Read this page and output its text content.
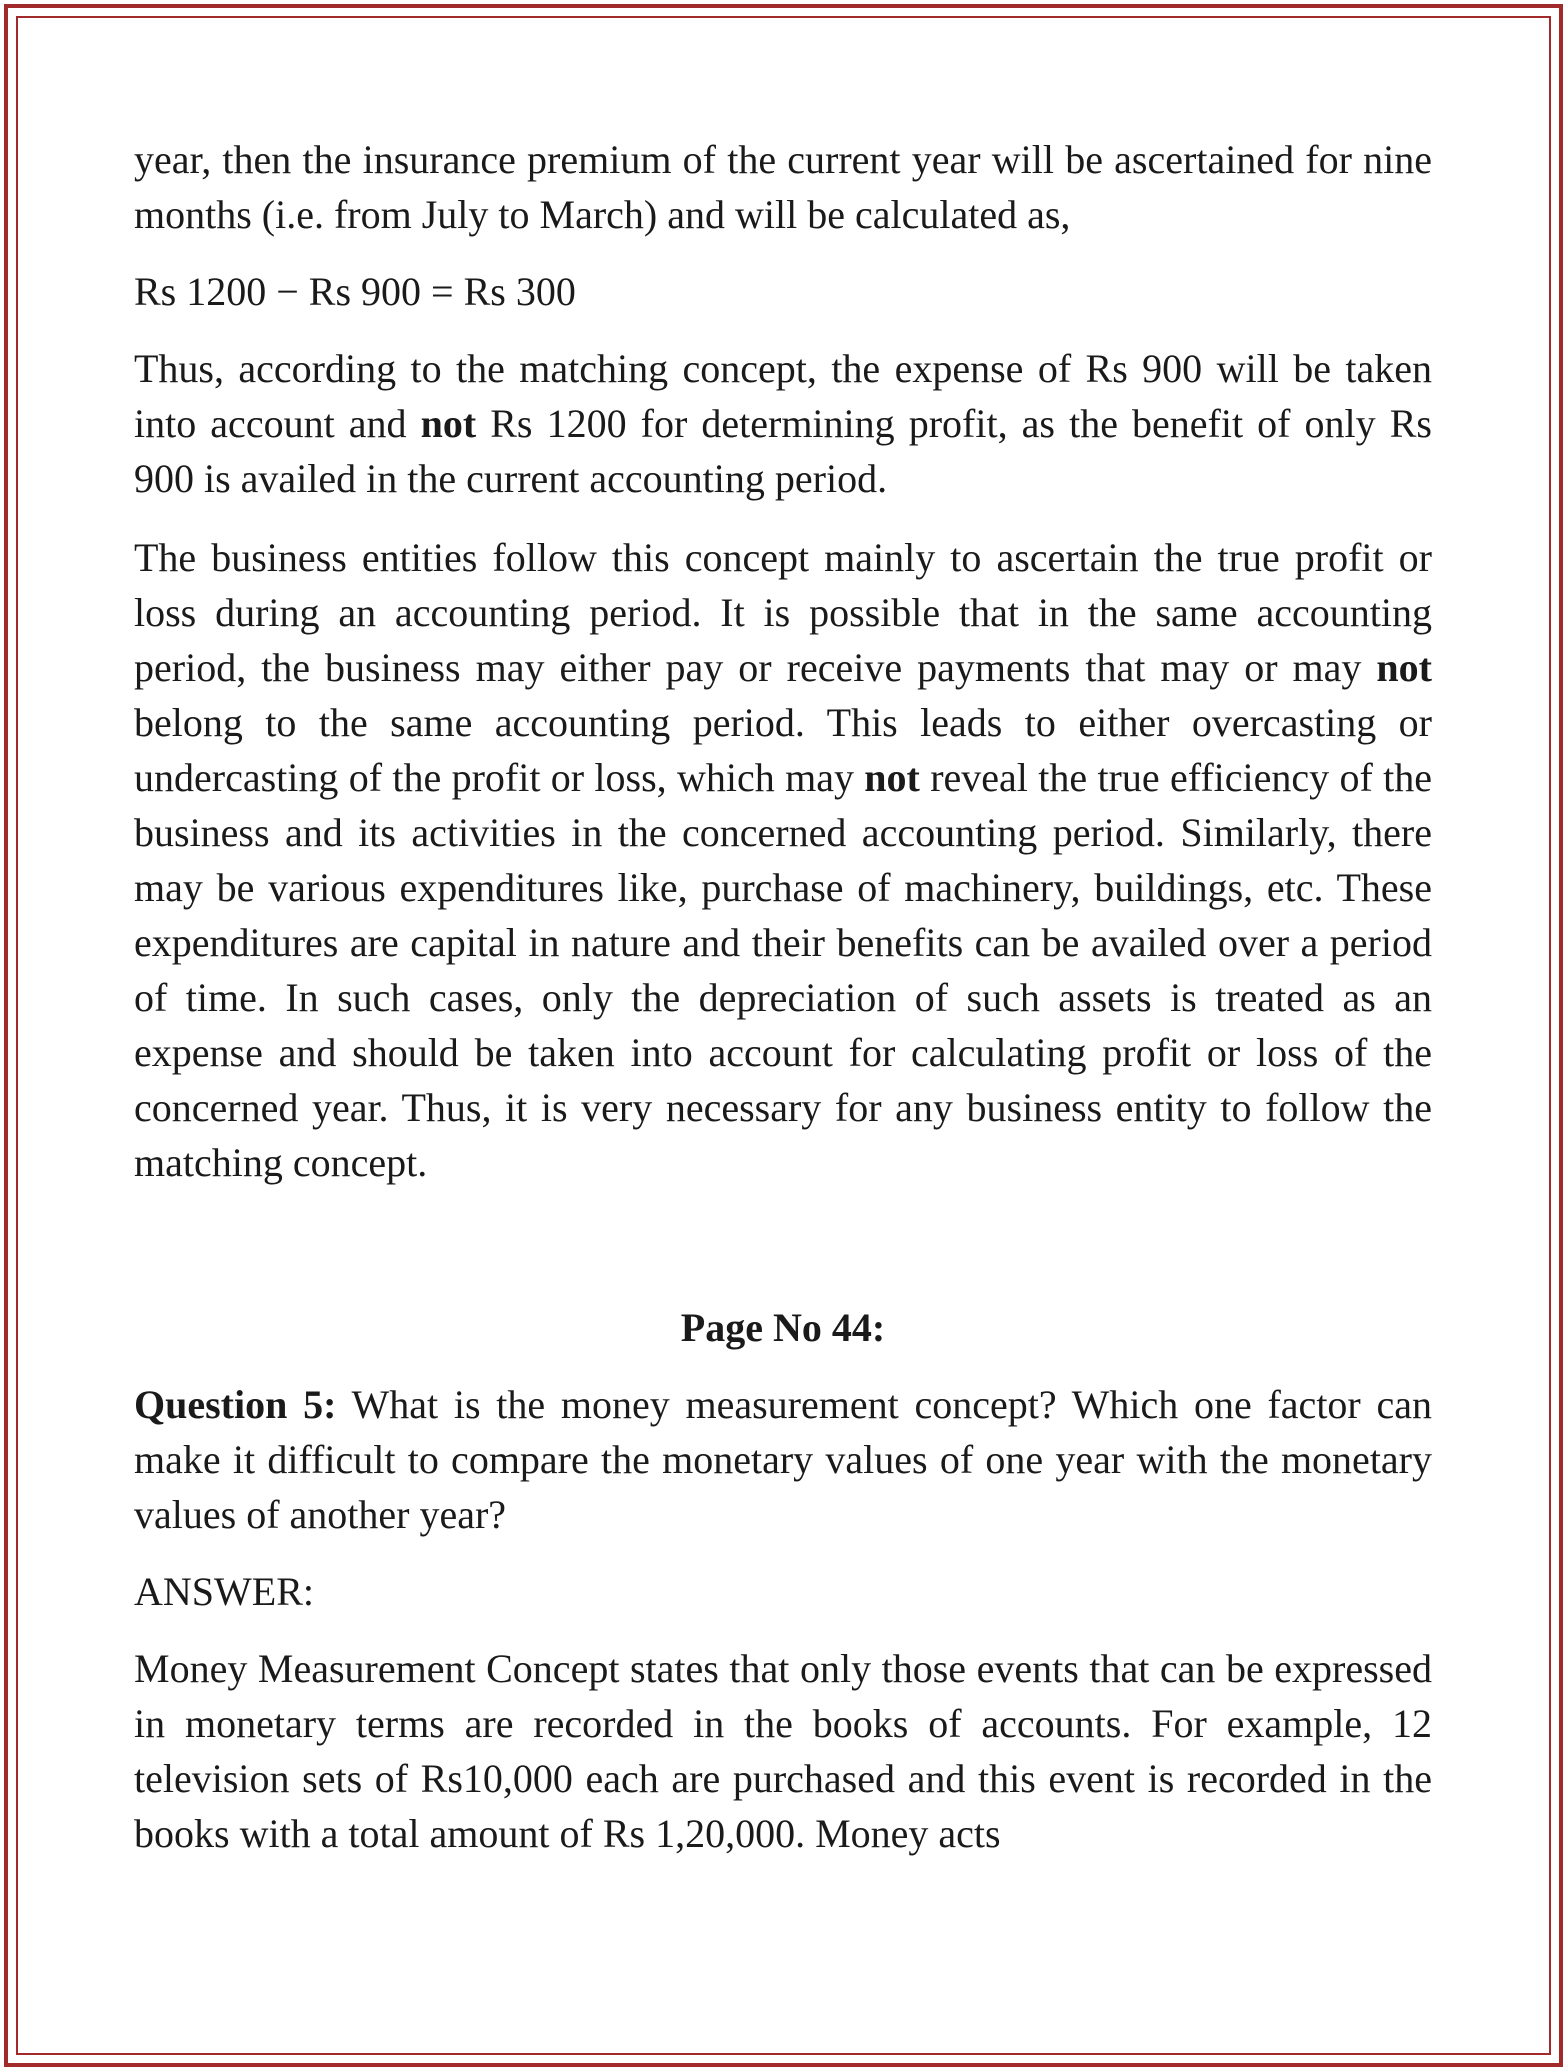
year, then the insurance premium of the current year will be ascertained for nine months (i.e. from July to March) and will be calculated as,

Rs 1200 − Rs 900 = Rs 300

Thus, according to the matching concept, the expense of Rs 900 will be taken into account and not Rs 1200 for determining profit, as the benefit of only Rs 900 is availed in the current accounting period.

The business entities follow this concept mainly to ascertain the true profit or loss during an accounting period. It is possible that in the same accounting period, the business may either pay or receive payments that may or may not belong to the same accounting period. This leads to either overcasting or undercasting of the profit or loss, which may not reveal the true efficiency of the business and its activities in the concerned accounting period. Similarly, there may be various expenditures like, purchase of machinery, buildings, etc. These expenditures are capital in nature and their benefits can be availed over a period of time. In such cases, only the depreciation of such assets is treated as an expense and should be taken into account for calculating profit or loss of the concerned year. Thus, it is very necessary for any business entity to follow the matching concept.

Page No 44:

Question 5: What is the money measurement concept? Which one factor can make it difficult to compare the monetary values of one year with the monetary values of another year?

ANSWER:

Money Measurement Concept states that only those events that can be expressed in monetary terms are recorded in the books of accounts. For example, 12 television sets of Rs10,000 each are purchased and this event is recorded in the books with a total amount of Rs 1,20,000. Money acts
